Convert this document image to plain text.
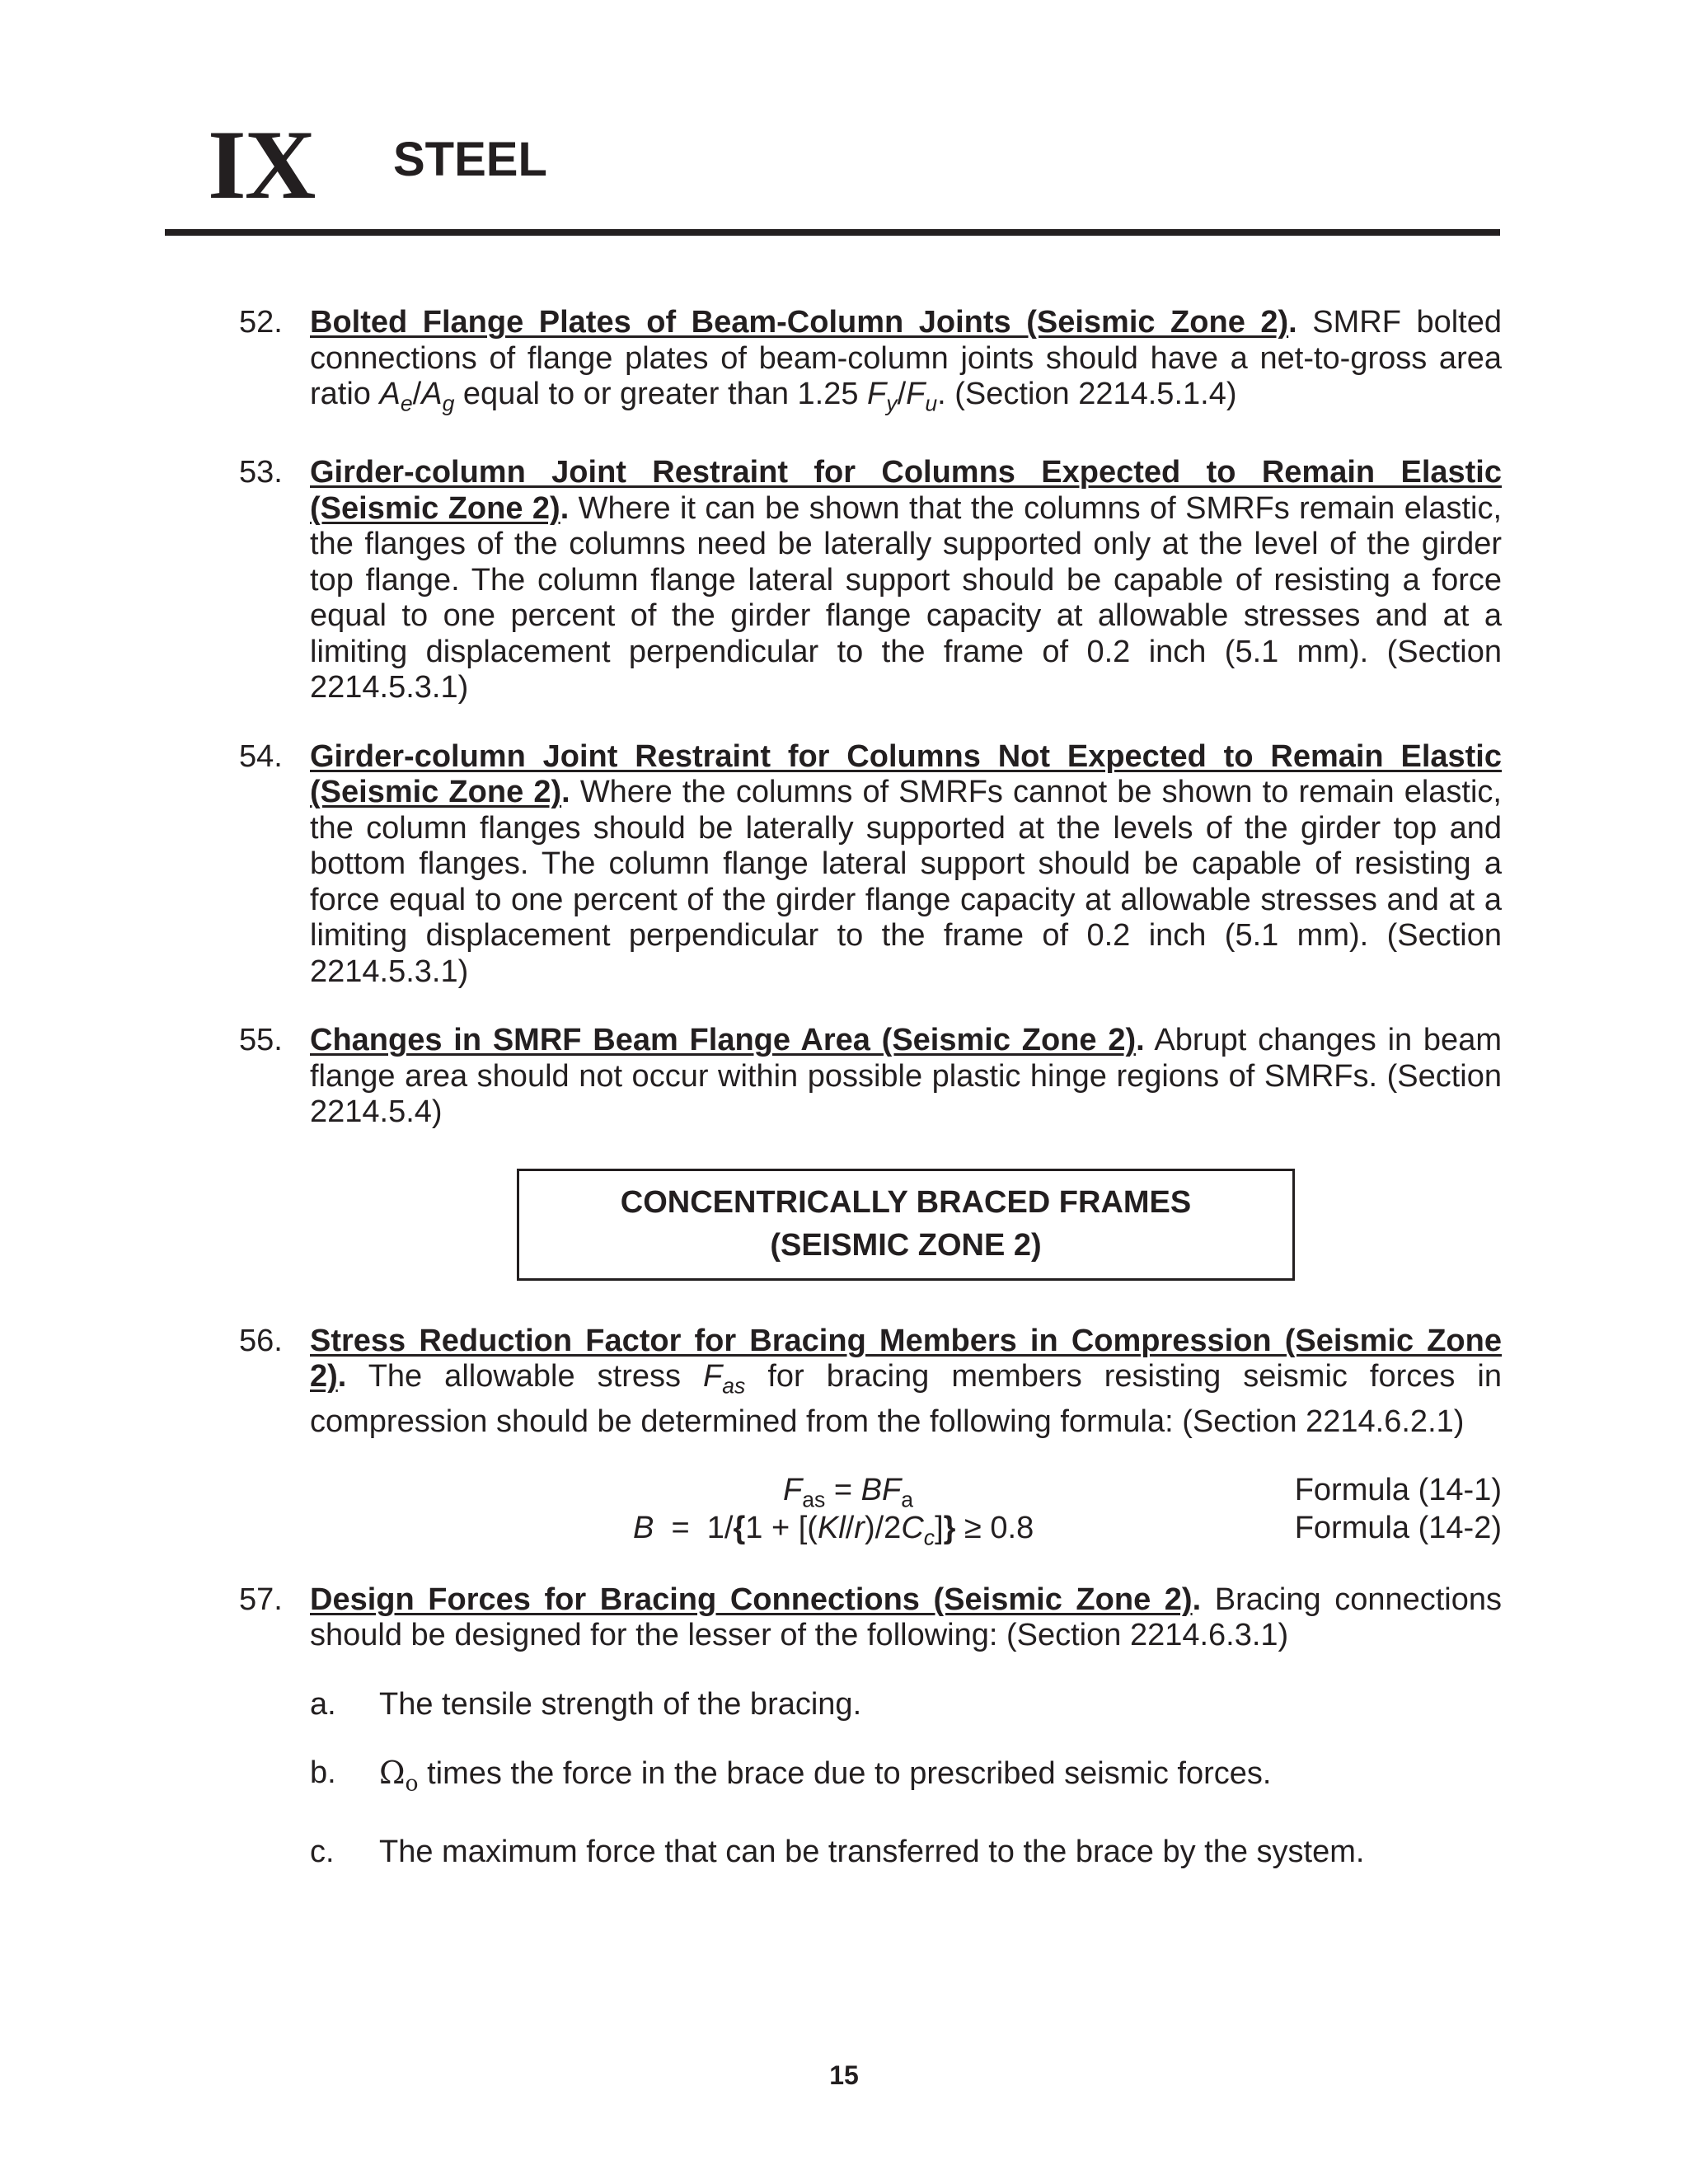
IX STEEL
52. Bolted Flange Plates of Beam-Column Joints (Seismic Zone 2). SMRF bolted connections of flange plates of beam-column joints should have a net-to-gross area ratio $A_e/A_g$ equal to or greater than 1.25 $F_y/F_u$. (Section 2214.5.1.4)
53. Girder-column Joint Restraint for Columns Expected to Remain Elastic (Seismic Zone 2). Where it can be shown that the columns of SMRFs remain elastic, the flanges of the columns need be laterally supported only at the level of the girder top flange. The column flange lateral support should be capable of resisting a force equal to one percent of the girder flange capacity at allowable stresses and at a limiting displacement perpendicular to the frame of 0.2 inch (5.1 mm). (Section 2214.5.3.1)
54. Girder-column Joint Restraint for Columns Not Expected to Remain Elastic (Seismic Zone 2). Where the columns of SMRFs cannot be shown to remain elastic, the column flanges should be laterally supported at the levels of the girder top and bottom flanges. The column flange lateral support should be capable of resisting a force equal to one percent of the girder flange capacity at allowable stresses and at a limiting displacement perpendicular to the frame of 0.2 inch (5.1 mm). (Section 2214.5.3.1)
55. Changes in SMRF Beam Flange Area (Seismic Zone 2). Abrupt changes in beam flange area should not occur within possible plastic hinge regions of SMRFs. (Section 2214.5.4)
CONCENTRICALLY BRACED FRAMES
(SEISMIC ZONE 2)
56. Stress Reduction Factor for Bracing Members in Compression (Seismic Zone 2). The allowable stress $F_{as}$ for bracing members resisting seismic forces in compression should be determined from the following formula: (Section 2214.6.2.1)
$F_{as} = BF_a$	Formula (14-1)
$B = 1/\{1 + [(Kl/r)/2C_c]\} \ge 0.8$	Formula (14-2)
57. Design Forces for Bracing Connections (Seismic Zone 2). Bracing connections should be designed for the lesser of the following: (Section 2214.6.3.1)
a. The tensile strength of the bracing.
b. $\Omega_o$ times the force in the brace due to prescribed seismic forces.
c. The maximum force that can be transferred to the brace by the system.
15
